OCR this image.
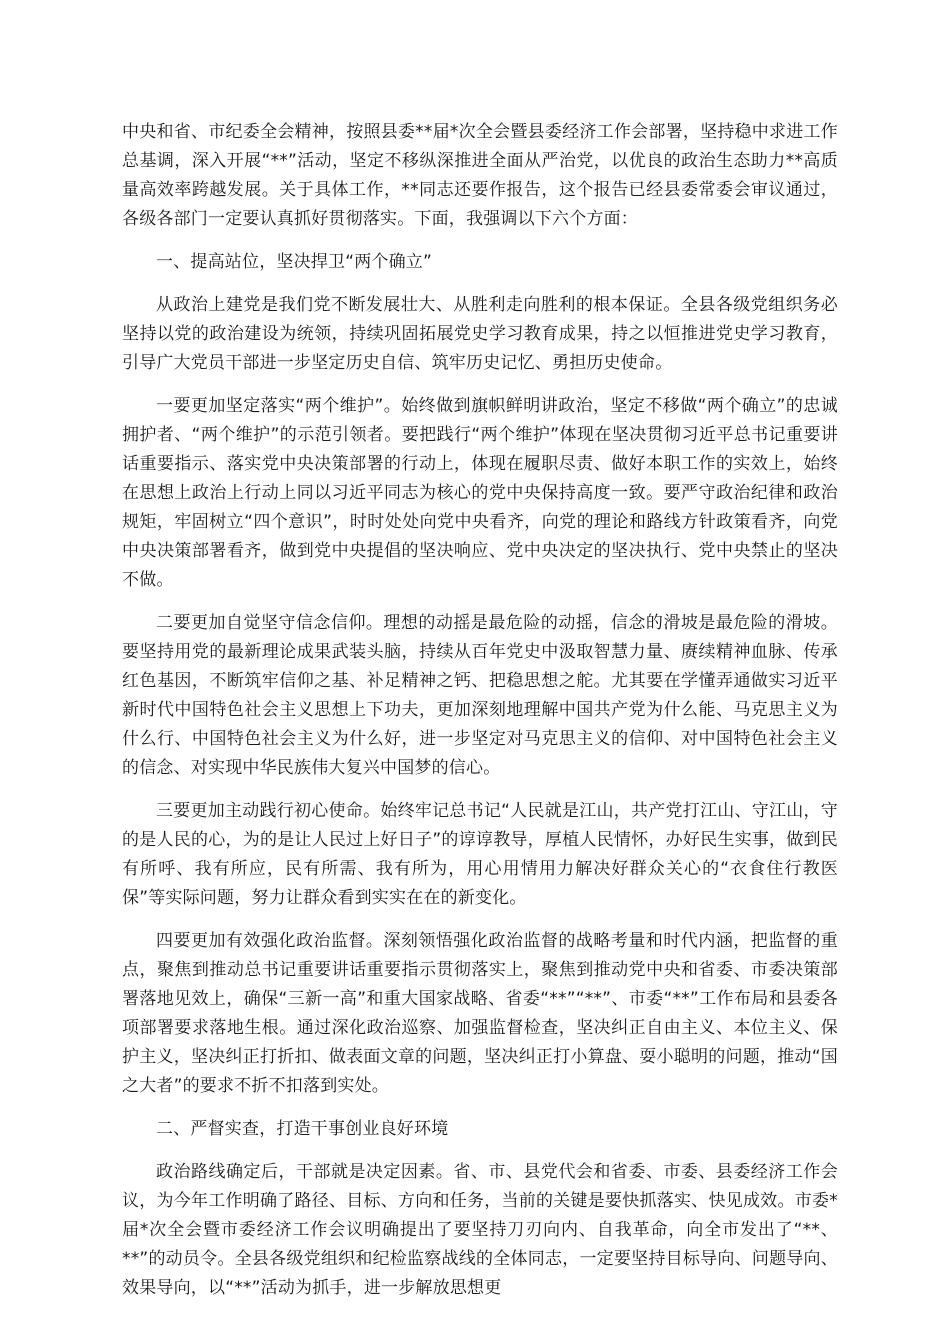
中央和省、市纪委全会精神，按照县委**届*次全会暨县委经济工作会部署，坚持稳中求进工作总基调，深入开展“**”活动，坚定不移纵深推进全面从严治党，以优良的政治生态助力**高质量高效率跨越发展。关于具体工作，**同志还要作报告，这个报告已经县委常委会审议通过，各级各部门一定要认真抓好贯彻落实。下面，我强调以下六个方面：

一、提高站位，坚决捍卫“两个确立”

从政治上建党是我们党不断发展壮大、从胜利走向胜利的根本保证。全县各级党组织务必坚持以党的政治建设为统领，持续巩固拓展党史学习教育成果，持之以恒推进党史学习教育，引导广大党员干部进一步坚定历史自信、筑牢历史记忆、勇担历史使命。

一要更加坚定落实“两个维护”。始终做到旗帜鲜明讲政治，坚定不移做“两个确立”的忠诚拥护者、“两个维护”的示范引领者。要把践行“两个维护”体现在坚决贯彻习近平总书记重要讲话重要指示、落实党中央决策部署的行动上，体现在履职尽责、做好本职工作的实效上，始终在思想上政治上行动上同以习近平同志为核心的党中央保持高度一致。要严守政治纪律和政治规矩，牢固树立“四个意识”，时时处处向党中央看齐，向党的理论和路线方针政策看齐，向党中央决策部署看齐，做到党中央提倡的坚决响应、党中央决定的坚决执行、党中央禁止的坚决不做。

二要更加自觉坚守信念信仰。理想的动摇是最危险的动摇，信念的滑坡是最危险的滑坡。要坚持用党的最新理论成果武装头脑，持续从百年党史中汲取智慧力量、赓续精神血脉、传承红色基因，不断筑牢信仰之基、补足精神之钙、把稳思想之舵。尤其要在学懂弄通做实习近平新时代中国特色社会主义思想上下功夫，更加深刻地理解中国共产党为什么能、马克思主义为什么行、中国特色社会主义为什么好，进一步坚定对马克思主义的信仰、对中国特色社会主义的信念、对实现中华民族伟大复兴中国梦的信心。

三要更加主动践行初心使命。始终牢记总书记“人民就是江山，共产党打江山、守江山，守的是人民的心，为的是让人民过上好日子”的谆谆教导，厚植人民情怀，办好民生实事，做到民有所呼、我有所应，民有所需、我有所为，用心用情用力解决好群众关心的“衣食住行教医保”等实际问题，努力让群众看到实实在在的新变化。

四要更加有效强化政治监督。深刻领悟强化政治监督的战略考量和时代内涵，把监督的重点，聚焦到推动总书记重要讲话重要指示贯彻落实上，聚焦到推动党中央和省委、市委决策部署落地见效上，确保“三新一高”和重大国家战略、省委“**”“**”、市委“**”工作布局和县委各项部署要求落地生根。通过深化政治巡察、加强监督检查，坚决纠正自由主义、本位主义、保护主义，坚决纠正打折扣、做表面文章的问题，坚决纠正打小算盘、耍小聪明的问题，推动“国之大者”的要求不折不扣落到实处。

二、严督实查，打造干事创业良好环境

政治路线确定后，干部就是决定因素。省、市、县党代会和省委、市委、县委经济工作会议，为今年工作明确了路径、目标、方向和任务，当前的关键是要快抓落实、快见成效。市委*届*次全会暨市委经济工作会议明确提出了要坚持刀刃向内、自我革命，向全市发出了“**、**”的动员令。全县各级党组织和纪检监察战线的全体同志，一定要坚持目标导向、问题导向、效果导向，以“**”活动为抓手，进一步解放思想更
